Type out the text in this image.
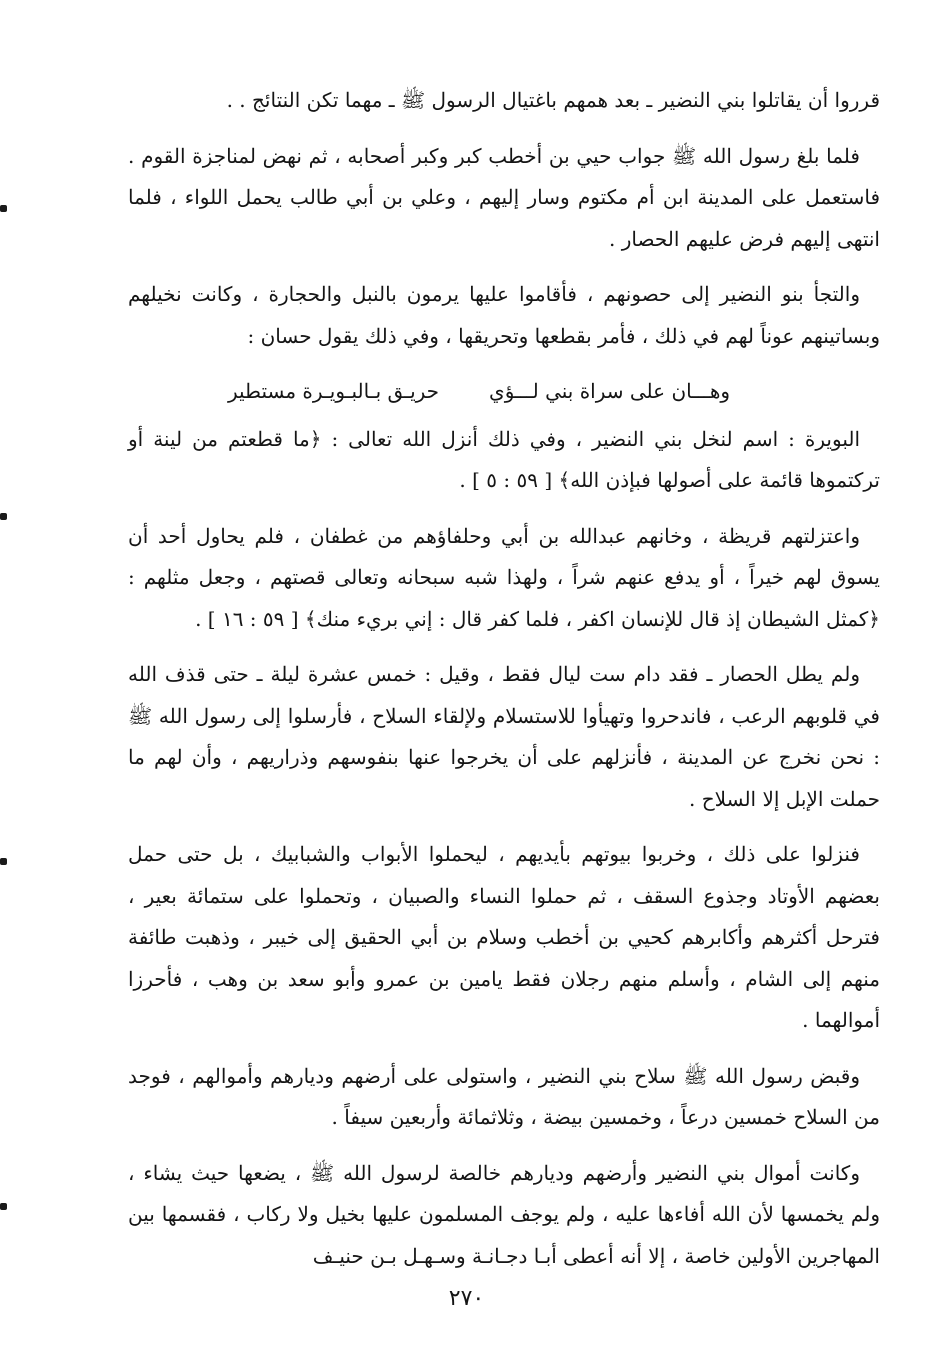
قرروا أن يقاتلوا بني النضير ـ بعد همهم باغتيال الرسول ﷺ ـ مهما تكن النتائج . .

فلما بلغ رسول الله ﷺ جواب حيي بن أخطب كبر وكبر أصحابه ، ثم نهض لمناجزة القوم . فاستعمل على المدينة ابن أم مكتوم وسار إليهم ، وعلي بن أبي طالب يحمل اللواء ، فلما انتهى إليهم فرض عليهم الحصار .

والتجأ بنو النضير إلى حصونهم ، فأقاموا عليها يرمون بالنبل والحجارة ، وكانت نخيلهم وبساتينهم عوناً لهم في ذلك ، فأمر بقطعها وتحريقها ، وفي ذلك يقول حسان :

وهـــان على سراة بني لـــؤي
حريـق بـالبـويـرة مستطير

البويرة : اسم لنخل بني النضير ، وفي ذلك أنزل الله تعالى : ﴿ما قطعتم من لينة أو تركتموها قائمة على أصولها فبإذن الله﴾ [ ٥٩ : ٥ ] .

واعتزلتهم قريظة ، وخانهم عبدالله بن أبي وحلفاؤهم من غطفان ، فلم يحاول أحد أن يسوق لهم خيراً ، أو يدفع عنهم شراً ، ولهذا شبه سبحانه وتعالى قصتهم ، وجعل مثلهم : ﴿كمثل الشيطان إذ قال للإنسان اكفر ، فلما كفر قال : إني بريء منك﴾ [ ٥٩ : ١٦ ] .

ولم يطل الحصار ـ فقد دام ست ليال فقط ، وقيل : خمس عشرة ليلة ـ حتى قذف الله في قلوبهم الرعب ، فاندحروا وتهيأوا للاستسلام ولإلقاء السلاح ، فأرسلوا إلى رسول الله ﷺ : نحن نخرج عن المدينة ، فأنزلهم على أن يخرجوا عنها بنفوسهم وذراريهم ، وأن لهم ما حملت الإبل إلا السلاح .

فنزلوا على ذلك ، وخربوا بيوتهم بأيديهم ، ليحملوا الأبواب والشبابيك ، بل حتى حمل بعضهم الأوتاد وجذوع السقف ، ثم حملوا النساء والصبيان ، وتحملوا على ستمائة بعير ، فترحل أكثرهم وأكابرهم كحيي بن أخطب وسلام بن أبي الحقيق إلى خيبر ، وذهبت طائفة منهم إلى الشام ، وأسلم منهم رجلان فقط يامين بن عمرو وأبو سعد بن وهب ، فأحرزا أموالهما .

وقبض رسول الله ﷺ سلاح بني النضير ، واستولى على أرضهم وديارهم وأموالهم ، فوجد من السلاح خمسين درعاً ، وخمسين بيضة ، وثلاثمائة وأربعين سيفاً .

وكانت أموال بني النضير وأرضهم وديارهم خالصة لرسول الله ﷺ ، يضعها حيث يشاء ، ولم يخمسها لأن الله أفاءها عليه ، ولم يوجف المسلمون عليها بخيل ولا ركاب ، فقسمها بين المهاجرين الأولين خاصة ، إلا أنه أعطى أبـا دجـانـة وسـهـل بـن حنيـف

٢٧٠
